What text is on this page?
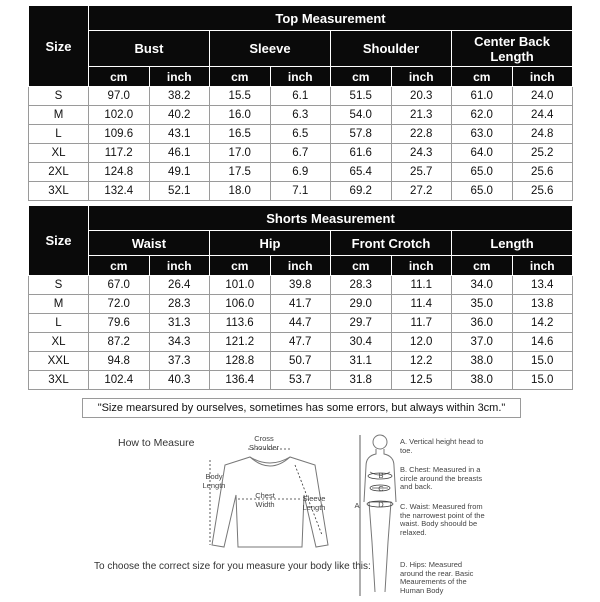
Size	Top Measurement							
	Bust		Sleeve		Shoulder		Center Back Length	
	cm	inch	cm	inch	cm	inch	cm	inch
S	97.0	38.2	15.5	6.1	51.5	20.3	61.0	24.0
M	102.0	40.2	16.0	6.3	54.0	21.3	62.0	24.4
L	109.6	43.1	16.5	6.5	57.8	22.8	63.0	24.8
XL	117.2	46.1	17.0	6.7	61.6	24.3	64.0	25.2
2XL	124.8	49.1	17.5	6.9	65.4	25.7	65.0	25.6
3XL	132.4	52.1	18.0	7.1	69.2	27.2	65.0	25.6
Size	Shorts Measurement							
	Waist		Hip		Front Crotch		Length	
	cm	inch	cm	inch	cm	inch	cm	inch
S	67.0	26.4	101.0	39.8	28.3	11.1	34.0	13.4
M	72.0	28.3	106.0	41.7	29.0	11.4	35.0	13.8
L	79.6	31.3	113.6	44.7	29.7	11.7	36.0	14.2
XL	87.2	34.3	121.2	47.7	30.4	12.0	37.0	14.6
XXL	94.8	37.3	128.8	50.7	31.1	12.2	38.0	15.0
3XL	102.4	40.3	136.4	53.7	31.8	12.5	38.0	15.0
"Size mearsured by ourselves, sometimes has some errors, but always within 3cm."
How to Measure	Cross Shoulder
Body Length
Chest Width
Sleeve Length	A
B
C
D
A. Vertical height head to toe.
B. Chest: Measured in a circle around the breasts and back.
C. Waist: Measured from the narrowest point of the waist. Body shoould be relaxed.
D. Hips: Measured around the rear. Basic Meaurements of the Human Body
To choose the correct size for you measure your body like this:
